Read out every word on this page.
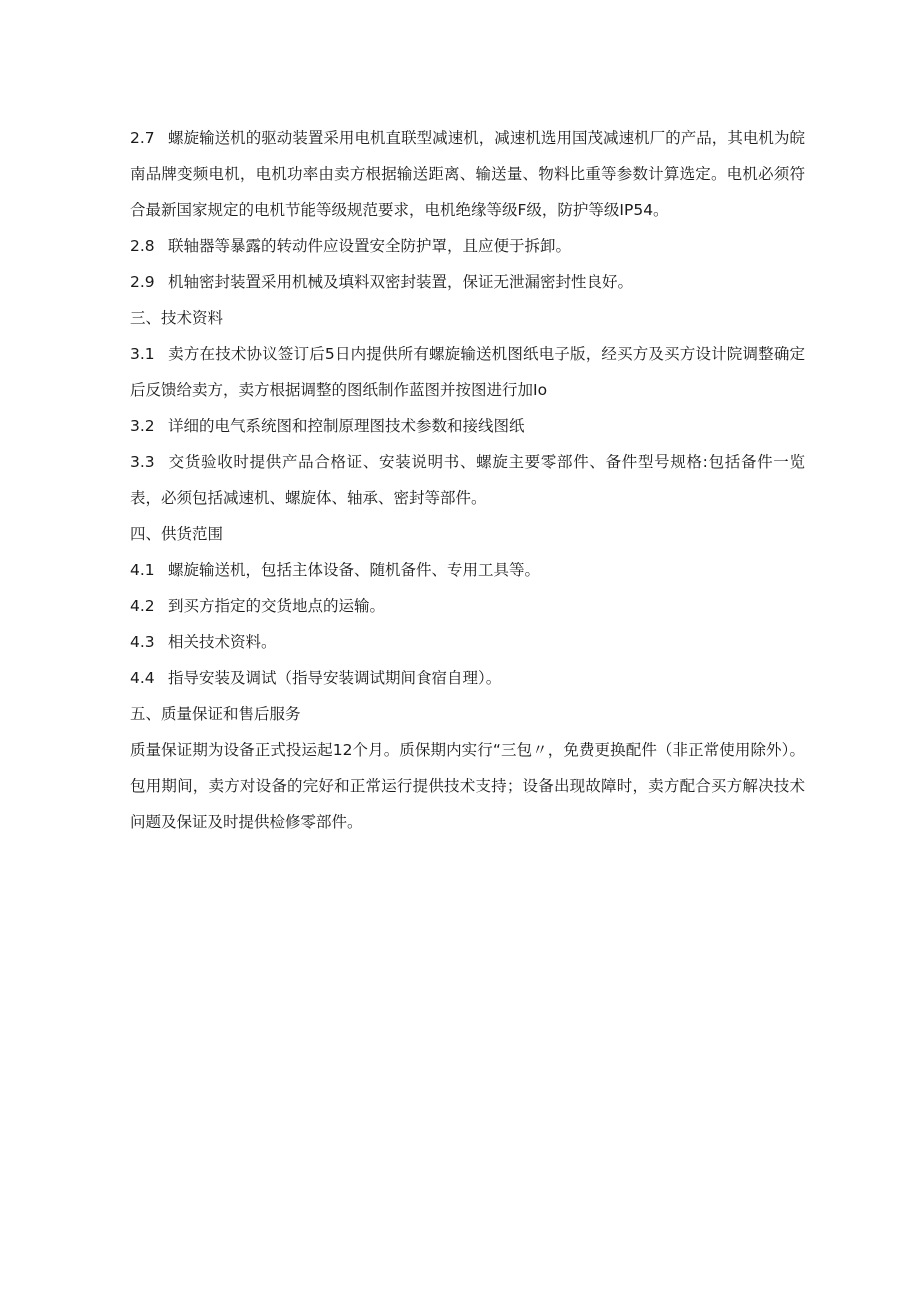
2.7 螺旋输送机的驱动装置采用电机直联型减速机，减速机选用国茂减速机厂的产品，其电机为皖南品牌变频电机，电机功率由卖方根据输送距离、输送量、物料比重等参数计算选定。电机必须符合最新国家规定的电机节能等级规范要求，电机绝缘等级F级，防护等级IP54。

2.8 联轴器等暴露的转动件应设置安全防护罩，且应便于拆卸。

2.9 机轴密封装置采用机械及填料双密封装置，保证无泄漏密封性良好。

三、技术资料

3.1 卖方在技术协议签订后5日内提供所有螺旋输送机图纸电子版，经买方及买方设计院调整确定后反馈给卖方，卖方根据调整的图纸制作蓝图并按图进行加Io

3.2 详细的电气系统图和控制原理图技术参数和接线图纸

3.3 交货验收时提供产品合格证、安装说明书、螺旋主要零部件、备件型号规格:包括备件一览表，必须包括减速机、螺旋体、轴承、密封等部件。

四、供货范围

4.1 螺旋输送机，包括主体设备、随机备件、专用工具等。

4.2 到买方指定的交货地点的运输。

4.3 相关技术资料。

4.4 指导安装及调试（指导安装调试期间食宿自理）。

五、质量保证和售后服务

质量保证期为设备正式投运起12个月。质保期内实行“三包〃，免费更换配件（非正常使用除外）。包用期间，卖方对设备的完好和正常运行提供技术支持；设备出现故障时，卖方配合买方解决技术问题及保证及时提供检修零部件。
